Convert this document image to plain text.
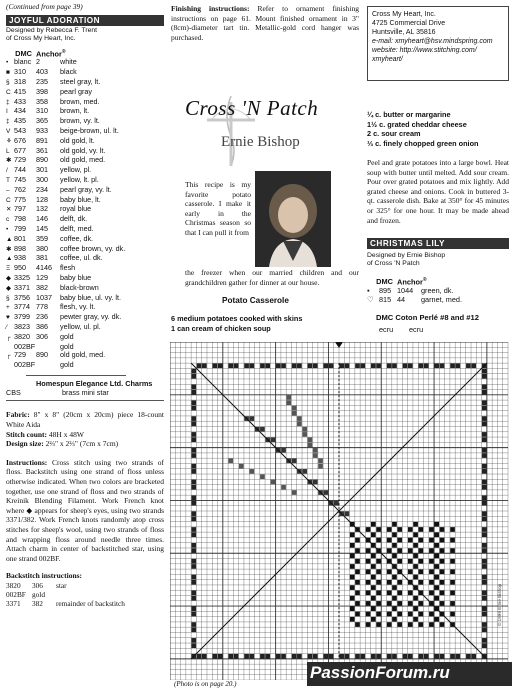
(Continued from page 39)
JOYFUL ADORATION
Designed by Rebecca F. Trent
of Cross My Heart, Inc.
DMC Anchor®
• blanc	2	white
■ 310	403	black
§ 318	235	steel gray, lt.
C 415	398	pearl gray
‡ 433	358	brown, med.
I 434	310	brown, lt.
‡ 435	365	brown, vy. lt.
V 543	933	beige-brown, ul. lt.
⚘ 676	891	old gold, lt.
L 677	361	old gold, vy. lt.
✱ 729	890	old gold, med.
/ 744	301	yellow, pl.
T 745	300	yellow, lt. pl.
– 762	234	pearl gray, vy. lt.
C 775	128	baby blue, lt.
✕ 797	132	royal blue
c 798	146	delft, dk.
• 799	145	delft, med.
▲ 801	359	coffee, dk.
✱ 898	380	coffee brown, vy. dk.
▲ 938	381	coffee, ul. dk.
Ξ 950	4146	flesh
◆ 3325	129	baby blue
◆ 3371	382	black-brown
§ 3756	1037	baby blue, ul. vy. lt.
+ 3774	778	flesh, vy. lt.
♥ 3799	236	pewter gray, vy. dk.
⁄ 3823	386	yellow, ul. pl.
┌ 3820	306	gold
002BF		gold
┌ 729	890	old gold, med.
002BF		gold
Homespun Elegance Ltd. Charms
CBS	brass mini star
Fabric: 8" x 8" (20cm x 20cm) piece 18-count White Aida
Stitch count: 48H x 48W
Design size: 2⅔" x 2⅔" (7cm x 7cm)
Instructions: Cross stitch using two strands of floss. Backstitch using one strand of floss unless otherwise indicated. When two colors are bracketed together, use one strand of floss and two strands of Kreinik Blending Filament. Work French knot where ◆ appears for sheep's eyes, using two strands 3371/382. Work French knots randomly atop cross stitches for sheep's wool, using two strands of floss and wrapping floss around needle three times. Attach charm in center of backstitched star, using one strand 002BF.
Backstitch instructions:
3820 306 star
002BF gold
3371 382 remainder of backstitch
Finishing instructions: Refer to ornament finishing instructions on page 61. Mount finished ornament in 3" (8cm)-diameter tart tin. Metallic-gold cord hanger was purchased.
Cross My Heart, Inc.
4725 Commercial Drive
Huntsville, AL 35816
e-mail: xmyheart@hsv.mindspring.com
website: http://www.stitching.com/
xmyheart/
Cross 'N Patch
Ernie Bishop
¼ c. butter or margarine
1½ c. grated cheddar cheese
2 c. sour cream
⅓ c. finely chopped green onion
Peel and grate potatoes into a large bowl. Heat soup with butter until melted. Add sour cream. Pour over grated potatoes and mix lightly. Add grated cheese and onions. Cook in buttered 3-qt. casserole dish. Bake at 350° for 45 minutes or 325° for one hour. It may be made ahead and frozen.
This recipe is my favorite potato casserole. I make it early in the Christmas season so that I can pull it from
the freezer when our married children and our grandchildren gather for dinner at our house.
Potato Casserole
6 medium potatoes cooked with skins
1 can cream of chicken soup
CHRISTMAS LILY
Designed by Ernie Bishop
of Cross 'N Patch
DMC Anchor®
▪ 895 1044 green, dk.
♡ 815 44 garnet, med.
DMC Coton Perlé #8 and #12
ecru ecru
(Photo is on page 20.)
© 1999 Ernie Bishop
PassionForum.ru
